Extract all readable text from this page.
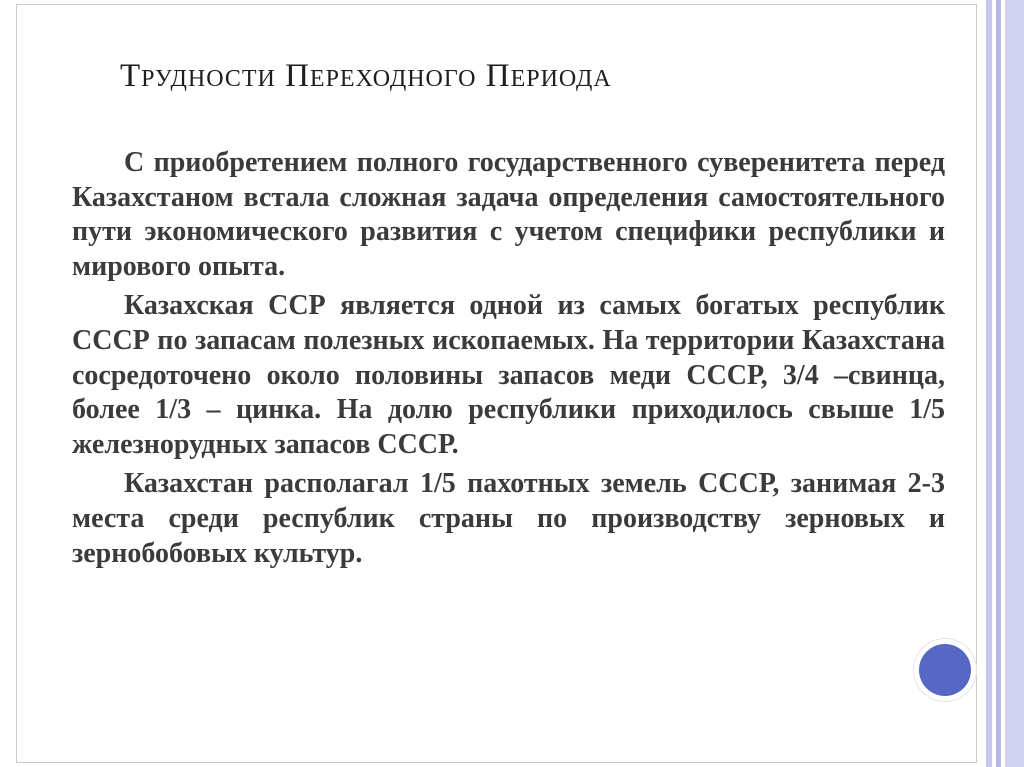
ТРУДНОСТИ ПЕРЕХОДНОГО ПЕРИОДА

С приобретением полного государственного суверенитета перед Казахстаном встала сложная задача определения самостоятельного пути экономического развития с учетом специфики республики и мирового опыта.

Казахская ССР является одной из самых богатых республик СССР по запасам полезных ископаемых. На территории Казахстана сосредоточено около половины запасов меди СССР, 3/4 –свинца, более 1/3 – цинка. На долю республики приходилось свыше 1/5 железнорудных запасов СССР.

Казахстан располагал 1/5 пахотных земель СССР, занимая 2-3 места среди республик страны по производству зерновых и зернобобовых культур.
